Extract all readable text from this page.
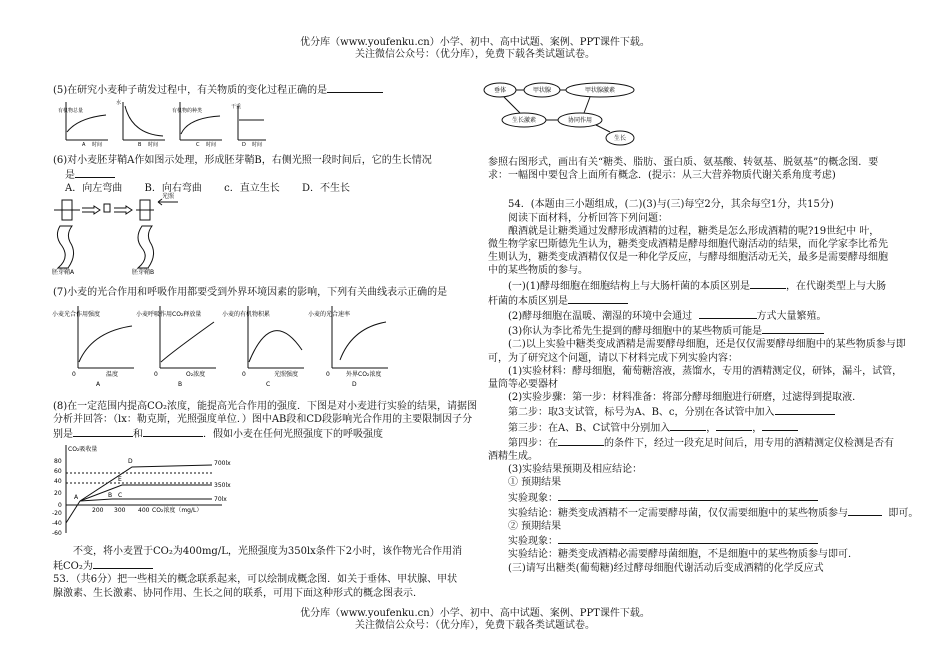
优分库（www.youfenku.cn）小学、初中、高中试题、案例、PPT课件下载。
关注微信公众号：（优分库），免费下载各类试题试卷。

(5)在研究小麦种子萌发过程中，有关物质的变化过程正确的是

有机物总量
时间
A
水
时间
B
有机物的种类
时间
C
干重
时间
D

(6)对小麦胚芽鞘A作如图示处理，形成胚芽鞘B，右侧光照一段时间后，它的生长情况

是

A．向左弯曲 B．向右弯曲 c．直立生长 D．不生长

光照
胚芽鞘A	胚芽鞘B

(7)小麦的光合作用和呼吸作用都要受到外界环境因素的影响，下列有关曲线表示正确的是

小麦光合作用强度
温度
A
0
小麦呼吸作用CO₂释放量
O₂浓度
B
0
小麦的有机物积累
光照强度
C
0
小麦的光合速率
外界CO₂浓度
D
0

(8)在一定范围内提高CO₂浓度，能提高光合作用的强度．下图是对小麦进行实验的结果，请据图

分析并回答：（lx：勒克斯，光照强度单位．）图中AB段和CD段影响光合作用的主要限制因子分

别是	和	．假如小麦在任何光照强度下的呼吸强度

CO₂吸收量
80
60
40
20
0
-20
-40
-60
200 300 400 CO₂浓度（mg/L）
700lx
350lx
70lx
A	B C
D
E

不变，将小麦置于CO₂为400mg/L，光照强度为350lx条件下2小时，该作物光合作用消

耗CO₂为

53．（共6分）把一些相关的概念联系起来，可以绘制成概念图．如关于垂体、甲状腺、甲状

腺激素、生长激素、协同作用、生长之间的联系，可用下面这种形式的概念图表示．

垂体	甲状腺	甲状腺激素
生长激素	协同作用
生长

参照右图形式，画出有关“糖类、脂肪、蛋白质、氨基酸、转氨基、脱氨基”的概念图．要

求：一幅图中要包含上面所有概念．(提示：从三大营养物质代谢关系角度考虑)

54．(本题由三小题组成，(二)(3)与(三)每空2分，其余每空1分，共15分)

阅读下面材料，分析回答下列问题：

酿酒就是让糖类通过发酵形成酒精的过程，糖类是怎么形成酒精的呢?19世纪中 叶，

微生物学家巴斯德先生认为，糖类变成酒精是酵母细胞代谢活动的结果，而化学家李比希先

生则认为，糖类变成酒精仅仅是一种化学反应，与酵母细胞活动无关，最多是需要酵母细胞

中的某些物质的参与。

(一)(1)酵母细胞在细胞结构上与大肠杆菌的本质区别是	，在代谢类型上与大肠

杆菌的本质区别是

(2)酵母细胞在温暖、潮湿的环境中会通过	方式大量繁殖。

(3)你认为李比希先生提到的酵母细胞中的某些物质可能是

(二)以上实验中糖类变成酒精是需要酵母细胞，还是仅仅需要酵母细胞中的某些物质参与即

可，为了研究这个问题，请以下材料完成下列实验内容：

(1)实验材料：酵母细胞，葡萄糖溶液，蒸馏水，专用的酒精测定仪，研钵，漏斗，试管，

量筒等必要器材

(2)实验步骤：第一步：材料准备：将部分酵母细胞进行研磨，过滤得到提取液．

第二步：取3支试管，标号为A、B、c，分别在各试管中加入

第三步：在A、B、C试管中分别加入	，	，

第四步：在	的条件下，经过一段充足时间后，用专用的酒精测定仪检测是否有

酒精生成。

(3)实验结果预期及相应结论：

① 预期结果

实验现象：

实验结论：糖类变成酒精不一定需要酵母菌，仅仅需要细胞中的某些物质参与	即可。

② 预期结果

实验现象：

实验结论：糖类变成酒精必需要酵母菌细胞，不是细胞中的某些物质参与即可．

(三)请写出糖类(葡萄糖)经过酵母细胞代谢活动后变成酒精的化学反应式

优分库（www.youfenku.cn）小学、初中、高中试题、案例、PPT课件下载。
关注微信公众号：（优分库），免费下载各类试题试卷。
